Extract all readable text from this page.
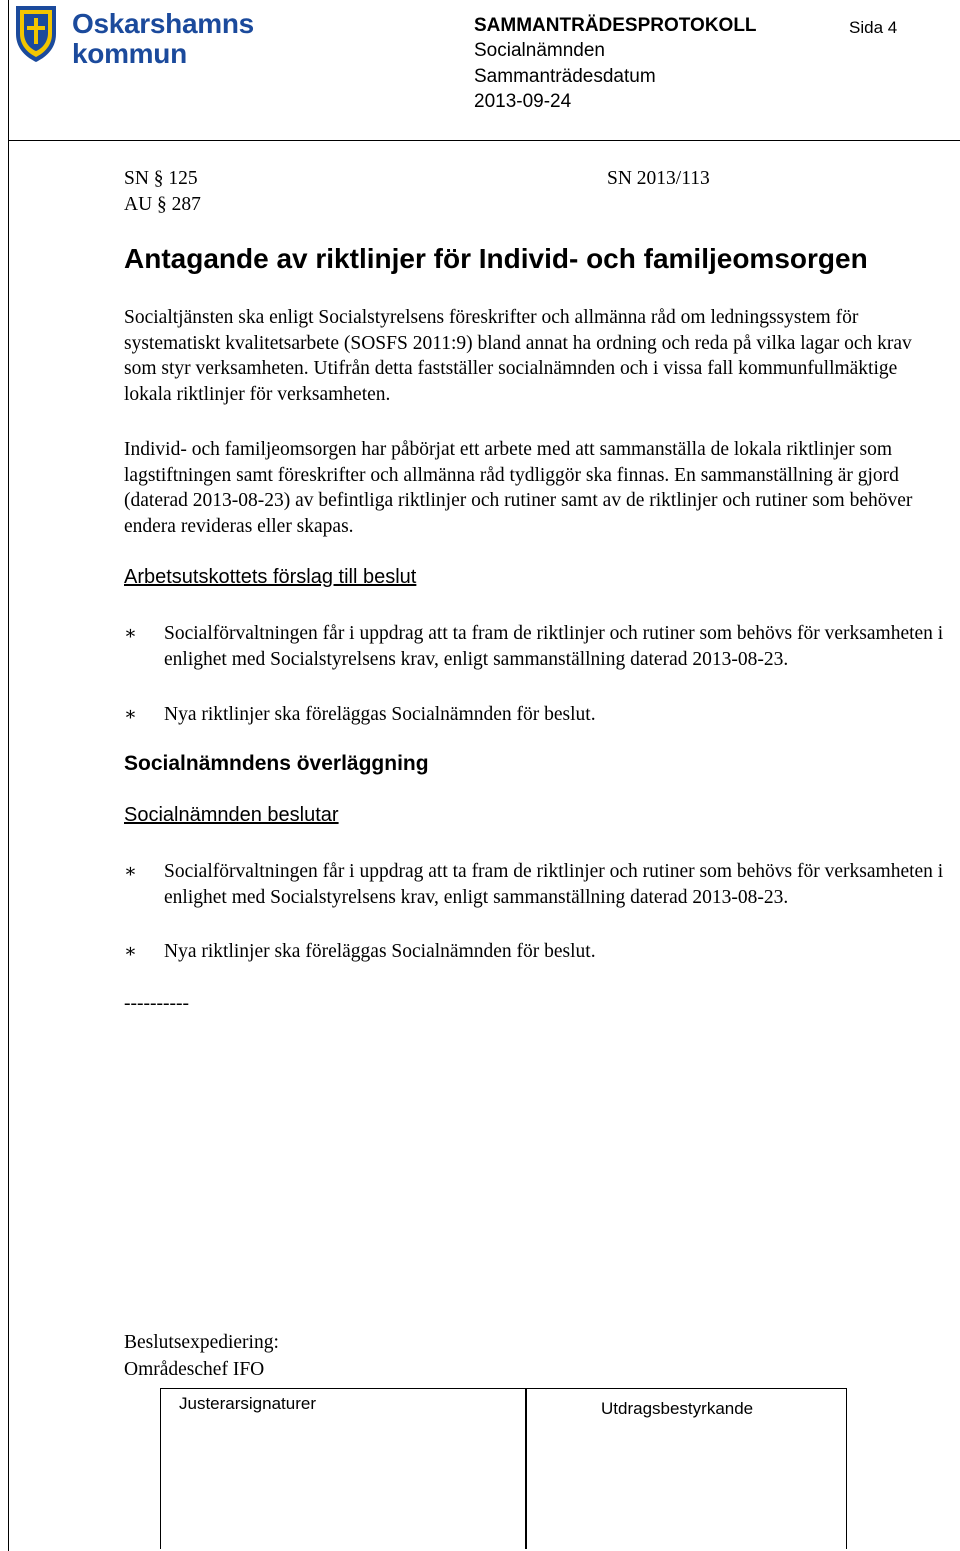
Oskarshamns
kommun
SAMMANTRÄDESPROTOKOLL
Socialnämnden
Sammanträdesdatum
2013-09-24
Sida 4
SN § 125
AU § 287
SN 2013/113
Antagande av riktlinjer för Individ- och familjeomsorgen
Socialtjänsten ska enligt Socialstyrelsens föreskrifter och allmänna råd om ledningssystem för systematiskt kvalitetsarbete (SOSFS 2011:9) bland annat ha ordning och reda på vilka lagar och krav som styr verksamheten. Utifrån detta fastställer socialnämnden och i vissa fall kommunfullmäktige lokala riktlinjer för verksamheten.
Individ- och familjeomsorgen har påbörjat ett arbete med att sammanställa de lokala riktlinjer som lagstiftningen samt föreskrifter och allmänna råd tydliggör ska finnas. En sammanställning är gjord (daterad 2013-08-23) av befintliga riktlinjer och rutiner samt av de riktlinjer och rutiner som behöver endera revideras eller skapas.
Arbetsutskottets förslag till beslut
∗ Socialförvaltningen får i uppdrag att ta fram de riktlinjer och rutiner som behövs för verksamheten i enlighet med Socialstyrelsens krav, enligt sammanställning daterad 2013-08-23.
∗ Nya riktlinjer ska föreläggas Socialnämnden för beslut.
Socialnämndens överläggning
Socialnämnden beslutar
∗ Socialförvaltningen får i uppdrag att ta fram de riktlinjer och rutiner som behövs för verksamheten i enlighet med Socialstyrelsens krav, enligt sammanställning daterad 2013-08-23.
∗ Nya riktlinjer ska föreläggas Socialnämnden för beslut.
----------
Beslutsexpediering:
Områdeschef IFO
Justerarsignaturer	Utdragsbestyrkande
